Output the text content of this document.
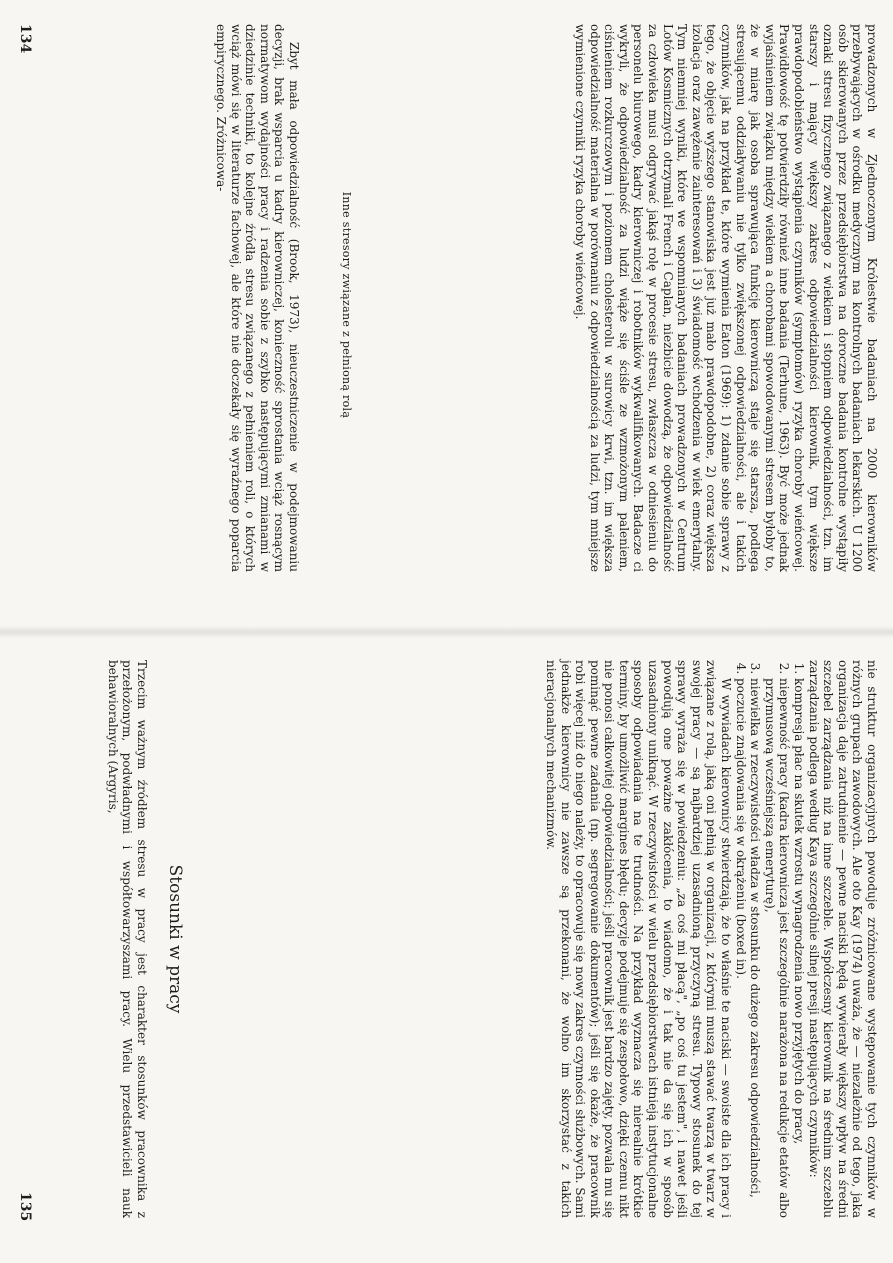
prowadzonych w Zjednoczonym Królestwie badaniach na 2000 kierowników przebywających w ośrodku medycznym na kontrolnych badaniach lekarskich. U 1200 osób skierowanych przez przedsiębiorstwa na doroczne badania kontrolne wystąpiły oznaki stresu fizycznego związanego z wiekiem i stopniem odpowiedzialności, tzn. im starszy i mający większy zakres odpowiedzialności kierownik, tym większe prawdopodobieństwo wystąpienia czynników (symptomów) ryzyka choroby wieńcowej. Prawidłowość tę potwierdziły również inne badania (Terhune, 1963). Być może jednak wyjaśnieniem związku między wiekiem a chorobami spowodowanymi stresem byłoby to, że w miarę jak osoba sprawująca funkcję kierowniczą staje się starsza, podlega stresującemu oddziaływaniu nie tylko zwiększonej odpowiedzialności, ale i takich czynników, jak na przykład te, które wymienia Eaton (1969): 1) zdanie sobie sprawy z tego, że objęcie wyższego stanowiska jest już mało prawdopodobne, 2) coraz większa izolacja oraz zawężenie zainteresowań i 3) świadomość wchodzenia w wiek emerytalny. Tym niemniej wyniki, które we wspomnianych badaniach prowadzonych w Centrum Lotów Kosmicznych otrzymali French i Caplan, niezbicie dowodzą, że odpowiedzialność za człowieka musi odgrywać jakąś rolę w procesie stresu, zwłaszcza w odniesieniu do personelu biurowego, kadry kierowniczej i robotników wykwalifikowanych. Badacze ci wykryli, że odpowiedzialność za ludzi wiąże się ściśle ze wzmożonym paleniem, ciśnieniem rozkurczowym i poziomem cholesterolu w surowicy krwi, tzn. im większa odpowiedzialność materialna w porównaniu z odpowiedzialnością za ludzi, tym mniejsze wymienione czynniki ryzyka choroby wieńcowej.

Inne stresory związane z pełnioną rolą

Zbyt mała odpowiedzialność (Brook, 1973), nieuczestniczenie w podejmowaniu decyzji, brak wsparcia u kadry kierowniczej, konieczność sprostania wciąż rosnącym normatywom wydajności pracy i radzenia sobie z szybko następującymi zmianami w dziedzinie techniki, to kolejne źródła stresu związanego z pełnieniem roli, o których wciąż mówi się w literaturze fachowej, ale które nie doczekały się wyraźnego poparcia empirycznego. Zróżnicowa-

134

nie struktur organizacyjnych powoduje zróżnicowane występowanie tych czynników w różnych grupach zawodowych. Ale oto Kay (1974) uważa, że — niezależnie od tego, jaka organizacja daje zatrudnienie — pewne naciski będą wywierały większy wpływ na średni szczebel zarządzania niż na inne szczeble. Współczesny kierownik na średnim szczeblu zarządzania podlega według Kaya szczególnie silnej presji następujących czynników:

1. kompresja płac na skutek wzrostu wynagrodzenia nowo przyjętych do pracy,
2. niepewność pracy (kadra kierownicza jest szczególnie narażona na redukcje etatów albo przymusową wcześniejszą emeryturę),
3. niewielka w rzeczywistości władza w stosunku do dużego zakresu odpowiedzialności,
4. poczucie znajdowania się w okrążeniu (boxed in).

W wywiadach kierownicy stwierdzają, że to właśnie te naciski — swoiste dla ich pracy i związane z rolą, jaką oni pełnią w organizacji, z którymi muszą stawać twarzą w twarz w swojej pracy — są najbardziej uzasadnioną przyczyną stresu. Typowy stosunek do tej sprawy wyraża się w powiedzeniu: „za coś mi płacą", „po coś tu jestem", i nawet jeśli powodują one poważne zakłócenia, to wiadomo, że i tak nie da się ich w sposób uzasadniony uniknąć. W rzeczywistości w wielu przedsiębiorstwach istnieją instytucjonalne sposoby odpowiadania na te trudności. Na przykład wyznacza się nierealnie krótkie terminy, by umożliwić margines błędu; decyzje podejmuje się zespołowo, dzięki czemu nikt nie ponosi całkowitej odpowiedzialności; jeśli pracownik jest bardzo zajęty, pozwala mu się pominąć pewne zadania (np. segregowanie dokumentów); jeśli się okaże, że pracownik robi więcej niż do niego należy, to opracowuje się nowy zakres czynności służbowych. Sami jednakże kierownicy nie zawsze są przekonani, że wolno im skorzystać z takich nieracjonalnych mechanizmów.

Stosunki w pracy

Trzecim ważnym źródłem stresu w pracy jest charakter stosunków pracownika z przełożonym, podwładnymi i współtowarzyszami pracy. Wielu przedstawicieli nauk behawioralnych (Argyris,

135
